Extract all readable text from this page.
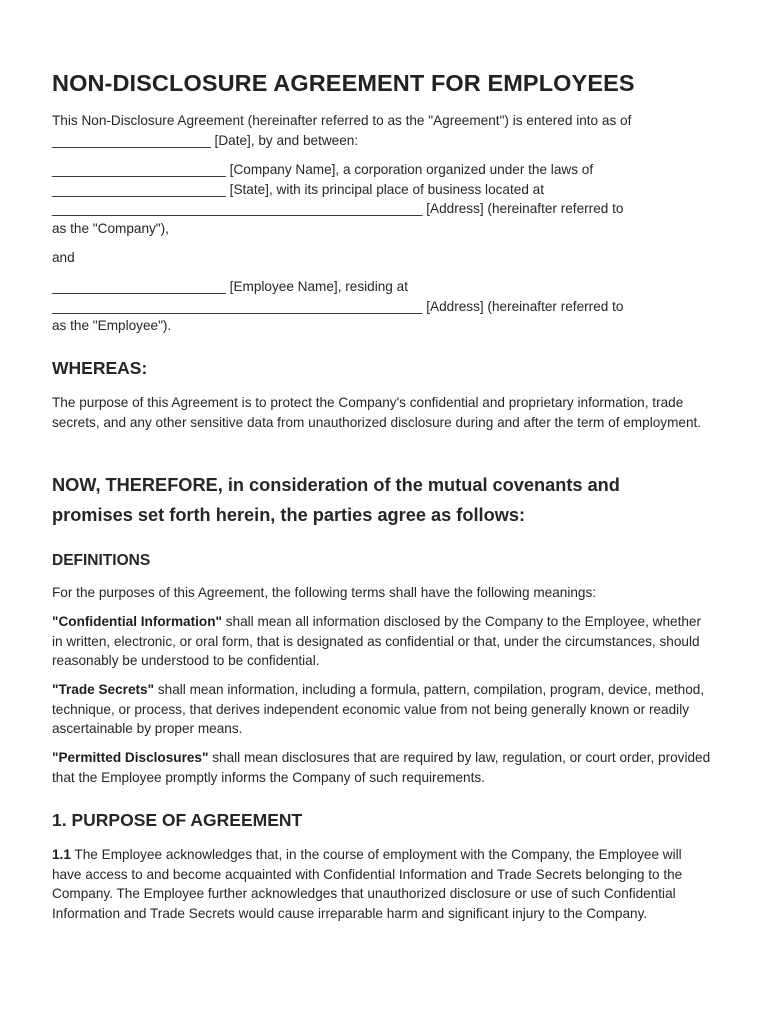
NON-DISCLOSURE AGREEMENT FOR EMPLOYEES

This Non-Disclosure Agreement (hereinafter referred to as the "Agreement") is entered into as of

_____________________ [Date], by and between:

_______________________ [Company Name], a corporation organized under the laws of

_______________________ [State], with its principal place of business located at

_________________________________________________ [Address] (hereinafter referred to

as the "Company"),

and

_______________________ [Employee Name], residing at

_________________________________________________ [Address] (hereinafter referred to

as the "Employee").

WHEREAS:

The purpose of this Agreement is to protect the Company's confidential and proprietary information, trade secrets, and any other sensitive data from unauthorized disclosure during and after the term of employment.

NOW, THEREFORE, in consideration of the mutual covenants and

promises set forth herein, the parties agree as follows:

DEFINITIONS

For the purposes of this Agreement, the following terms shall have the following meanings:

"Confidential Information" shall mean all information disclosed by the Company to the Employee, whether in written, electronic, or oral form, that is designated as confidential or that, under the circumstances, should reasonably be understood to be confidential.

"Trade Secrets" shall mean information, including a formula, pattern, compilation, program, device, method, technique, or process, that derives independent economic value from not being generally known or readily ascertainable by proper means.

"Permitted Disclosures" shall mean disclosures that are required by law, regulation, or court order, provided that the Employee promptly informs the Company of such requirements.

1. PURPOSE OF AGREEMENT

1.1 The Employee acknowledges that, in the course of employment with the Company, the Employee will have access to and become acquainted with Confidential Information and Trade Secrets belonging to the Company. The Employee further acknowledges that unauthorized disclosure or use of such Confidential Information and Trade Secrets would cause irreparable harm and significant injury to the Company.
